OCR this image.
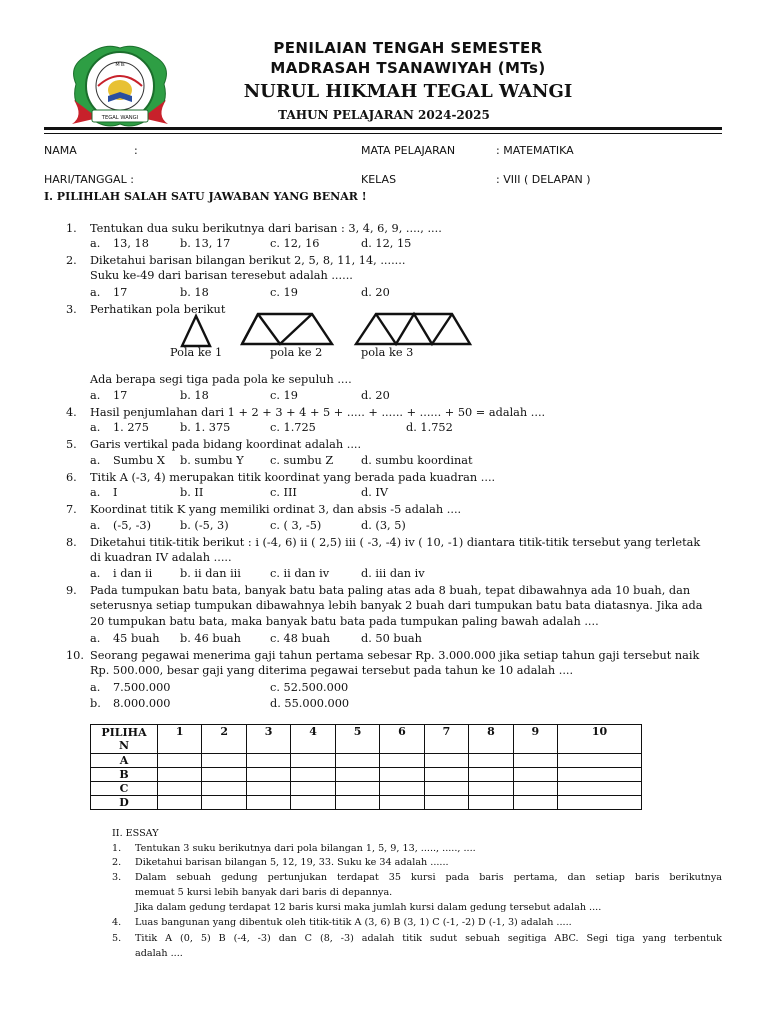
MTs
TEGAL WANGI
PENILAIAN TENGAH SEMESTER
MADRASAH TSANAWIYAH (MTs)
NURUL HIKMAH TEGAL WANGI
TAHUN PELAJARAN 2024-2025
NAMA	:	MATA PELAJARAN	: MATEMATIKA
HARI/TANGGAL :	KELAS	: VIII ( DELAPAN )
I. PILIHLAH SALAH SATU JAWABAN YANG BENAR !
1. Tentukan dua suku berikutnya dari barisan : 3, 4, 6, 9, ...., ....
a. 13, 18	b. 13, 17	c. 12, 16	d. 12, 15
2. Diketahui barisan bilangan berikut 2, 5, 8, 11, 14, .......
Suku ke-49 dari barisan teresebut adalah ......
a. 17	b. 18	c. 19	d. 20
3. Perhatikan pola berikut
Pola ke 1	pola ke 2	pola ke 3
Ada berapa segi tiga pada pola ke sepuluh ....
a. 17	b. 18	c. 19	d. 20
4. Hasil penjumlahan dari 1 + 2 + 3 + 4 + 5 + ..... + ...... + ...... + 50 = adalah ....
a. 1. 275	b. 1. 375	c. 1.725	d. 1.752
5. Garis vertikal pada bidang koordinat adalah ....
a. Sumbu X b. sumbu Y c. sumbu Z d. sumbu koordinat
6. Titik A (-3, 4) merupakan titik koordinat yang berada pada kuadran ....
a. I	b. II	c. III	d. IV
7. Koordinat titik K yang memiliki ordinat 3, dan absis -5 adalah ....
a. (-5, -3)	b. (-5, 3)	c. ( 3, -5)	d. (3, 5)
8. Diketahui titik-titik berikut : i (-4, 6) ii ( 2,5) iii ( -3, -4) iv ( 10, -1) diantara titik-titik tersebut yang terletak
di kuadran IV adalah .....
a. i dan ii b. ii dan iii	c. ii dan iv	d. iii dan iv
9. Pada tumpukan batu bata, banyak batu bata paling atas ada 8 buah, tepat dibawahnya ada 10 buah, dan
seterusnya setiap tumpukan dibawahnya lebih banyak 2 buah dari tumpukan batu bata diatasnya. Jika ada
20 tumpukan batu bata, maka banyak batu bata pada tumpukan paling bawah adalah ....
a. 45 buah b. 46 buah	c. 48 buah	d. 50 buah
10. Seorang pegawai menerima gaji tahun pertama sebesar Rp. 3.000.000 jika setiap tahun gaji tersebut naik
Rp. 500.000, besar gaji yang diterima pegawai tersebut pada tahun ke 10 adalah ....
a. 7.500.000	c. 52.500.000
b. 8.000.000	d. 55.000.000
PILIHA
N	1	2	3	4	5	6	7	8	9	10
A										
B										
C										
D										
II. ESSAY
1. Tentukan 3 suku berikutnya dari pola bilangan 1, 5, 9, 13, ....., ....., ....
2. Diketahui barisan bilangan 5, 12, 19, 33. Suku ke 34 adalah ......
3. Dalam sebuah gedung pertunjukan terdapat 35 kursi pada baris pertama, dan setiap baris berikutnya
memuat 5 kursi lebih banyak dari baris di depannya.
Jika dalam gedung terdapat 12 baris kursi maka jumlah kursi dalam gedung tersebut adalah ....
4. Luas bangunan yang dibentuk oleh titik-titik A (3, 6) B (3, 1) C (-1, -2) D (-1, 3) adalah .....
5. Titik A (0, 5) B (-4, -3) dan C (8, -3) adalah titik sudut sebuah segitiga ABC. Segi tiga yang terbentuk
adalah ....
